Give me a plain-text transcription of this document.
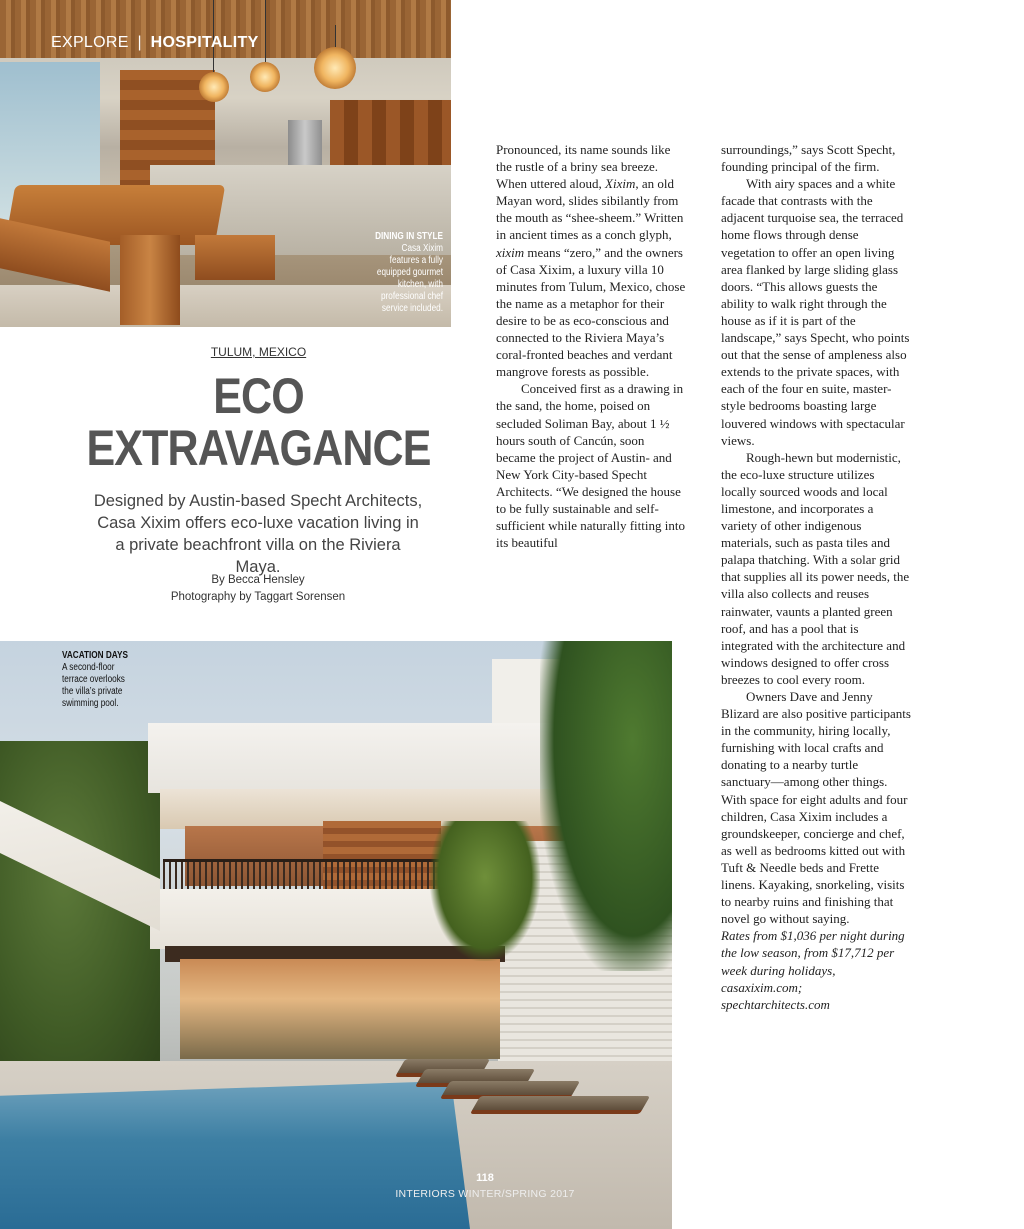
EXPLORE | HOSPITALITY
DINING IN STYLE
Casa Xixim features a fully equipped gourmet kitchen, with professional chef service included.
TULUM, MEXICO
ECO
EXTRAVAGANCE
Designed by Austin-based Specht Architects, Casa Xixim offers eco-luxe vacation living in a private beachfront villa on the Riviera Maya.
By Becca Hensley
Photography by Taggart Sorensen

Pronounced, its name sounds like the rustle of a briny sea breeze. When uttered aloud, Xixim, an old Mayan word, slides sibilantly from the mouth as “shee-sheem.” Written in ancient times as a conch glyph, xixim means “zero,” and the owners of Casa Xixim, a luxury villa 10 minutes from Tulum, Mexico, chose the name as a metaphor for their desire to be as eco-conscious and connected to the Riviera Maya’s coral-fronted beaches and verdant mangrove forests as possible.

Conceived first as a drawing in the sand, the home, poised on secluded Soliman Bay, about 1 ½ hours south of Cancún, soon became the project of Austin- and New York City-based Specht Architects. “We designed the house to be fully sustainable and self-sufficient while naturally fitting into its beautiful

surroundings,” says Scott Specht, founding principal of the firm.

With airy spaces and a white facade that contrasts with the adjacent turquoise sea, the terraced home flows through dense vegetation to offer an open living area flanked by large sliding glass doors. “This allows guests the ability to walk right through the house as if it is part of the landscape,” says Specht, who points out that the sense of ampleness also extends to the private spaces, with each of the four en suite, master-style bedrooms boasting large louvered windows with spectacular views.

Rough-hewn but modernistic, the eco-luxe structure utilizes locally sourced woods and local limestone, and incorporates a variety of other indigenous materials, such as pasta tiles and palapa thatching. With a solar grid that supplies all its power needs, the villa also collects and reuses rainwater, vaunts a planted green roof, and has a pool that is integrated with the architecture and windows designed to offer cross breezes to cool every room.

Owners Dave and Jenny Blizard are also positive participants in the community, hiring locally, furnishing with local crafts and donating to a nearby turtle sanctuary—among other things. With space for eight adults and four children, Casa Xixim includes a groundskeeper, concierge and chef, as well as bedrooms kitted out with Tuft & Needle beds and Frette linens. Kayaking, snorkeling, visits to nearby ruins and finishing that novel go without saying.

Rates from $1,036 per night during the low season, from $17,712 per week during holidays, casaxixim.com; spechtarchitects.com

VACATION DAYS
A second-floor terrace overlooks the villa’s private swimming pool.
118
INTERIORS WINTER/SPRING 2017
